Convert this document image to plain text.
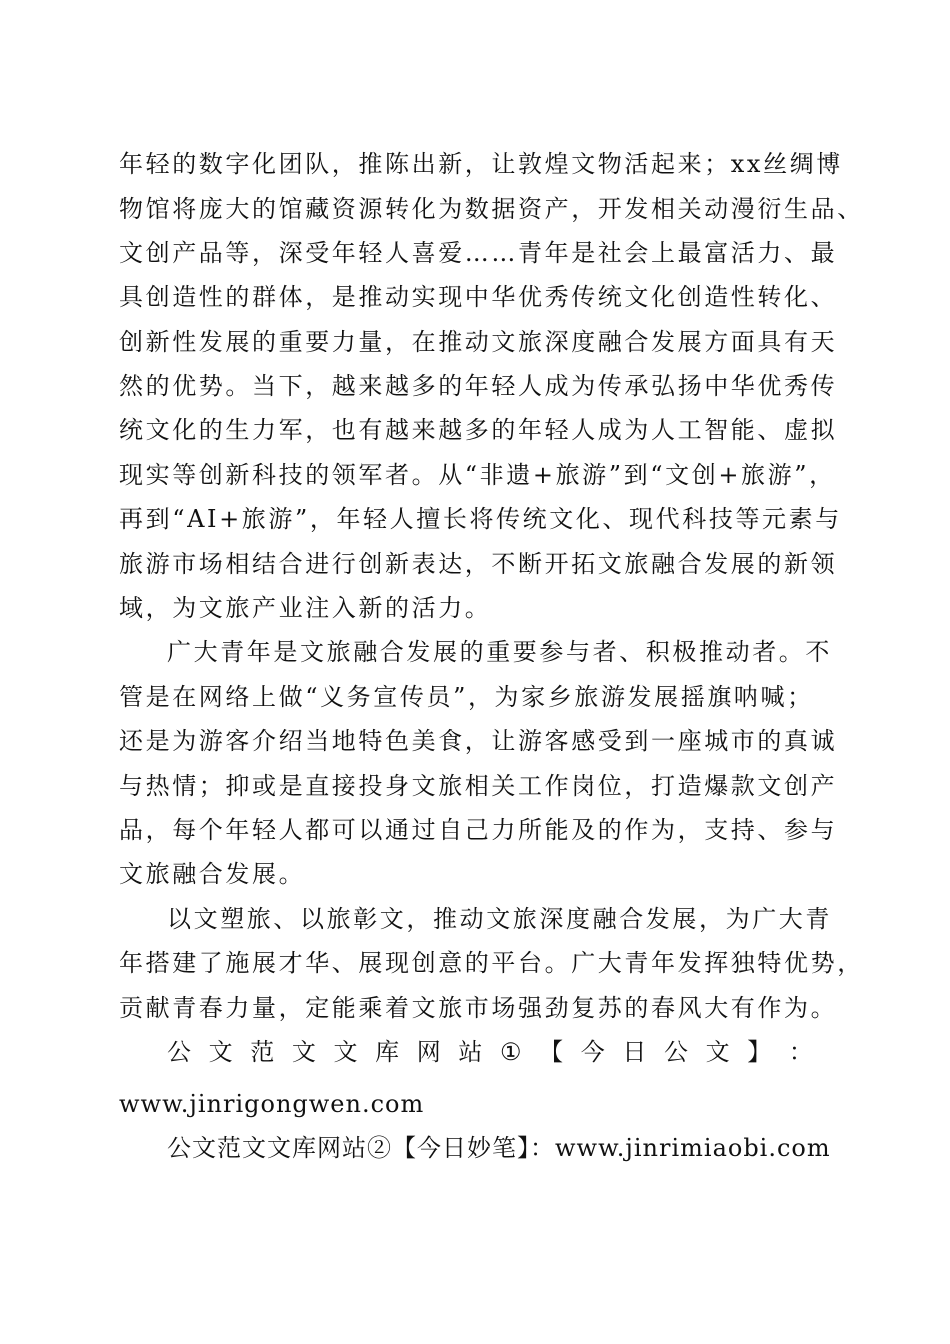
年轻的数字化团队，推陈出新，让敦煌文物活起来；xx丝绸博
物馆将庞大的馆藏资源转化为数据资产，开发相关动漫衍生品、
文创产品等，深受年轻人喜爱……青年是社会上最富活力、最
具创造性的群体，是推动实现中华优秀传统文化创造性转化、
创新性发展的重要力量，在推动文旅深度融合发展方面具有天
然的优势。当下，越来越多的年轻人成为传承弘扬中华优秀传
统文化的生力军，也有越来越多的年轻人成为人工智能、虚拟
现实等创新科技的领军者。从“非遗+旅游”到“文创+旅游”，
再到“AI+旅游”，年轻人擅长将传统文化、现代科技等元素与
旅游市场相结合进行创新表达，不断开拓文旅融合发展的新领
域，为文旅产业注入新的活力。
广大青年是文旅融合发展的重要参与者、积极推动者。不
管是在网络上做“义务宣传员”，为家乡旅游发展摇旗呐喊；
还是为游客介绍当地特色美食，让游客感受到一座城市的真诚
与热情；抑或是直接投身文旅相关工作岗位，打造爆款文创产
品，每个年轻人都可以通过自己力所能及的作为，支持、参与
文旅融合发展。
以文塑旅、以旅彰文，推动文旅深度融合发展，为广大青
年搭建了施展才华、展现创意的平台。广大青年发挥独特优势，
贡献青春力量，定能乘着文旅市场强劲复苏的春风大有作为。
公 文 范 文 文 库 网 站 ① 【 今 日 公 文 】 ：
www.jinrigongwen.com
公文范文文库网站②【今日妙笔】：www.jinrimiaobi.com
